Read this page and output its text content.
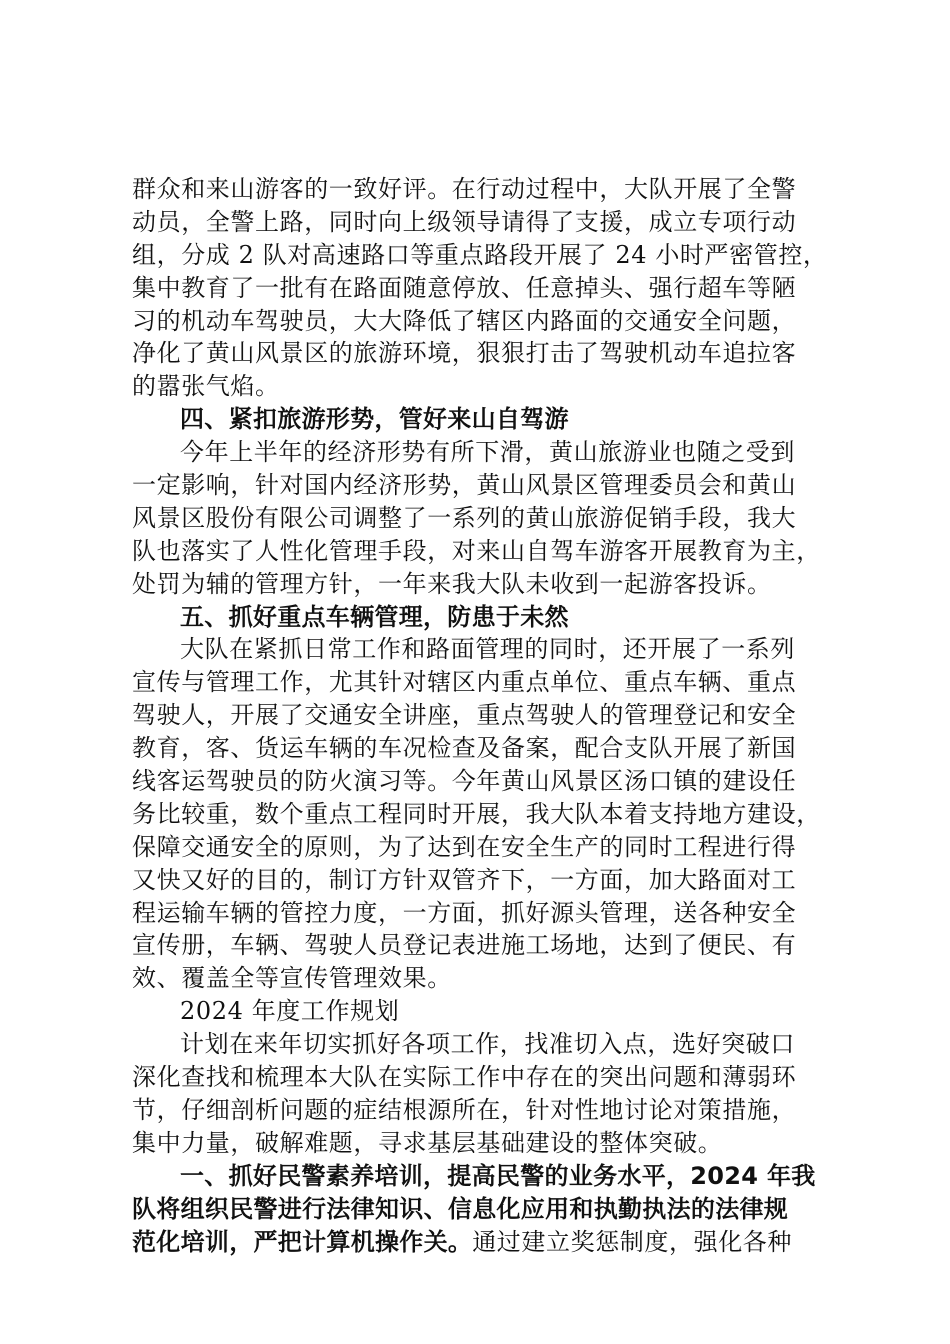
群众和来山游客的一致好评。在行动过程中，大队开展了全警
动员，全警上路，同时向上级领导请得了支援，成立专项行动
组，分成 2 队对高速路口等重点路段开展了 24 小时严密管控，
集中教育了一批有在路面随意停放、任意掉头、强行超车等陋
习的机动车驾驶员，大大降低了辖区内路面的交通安全问题，
净化了黄山风景区的旅游环境，狠狠打击了驾驶机动车追拉客
的嚣张气焰。
四、紧扣旅游形势，管好来山自驾游
今年上半年的经济形势有所下滑，黄山旅游业也随之受到
一定影响，针对国内经济形势，黄山风景区管理委员会和黄山
风景区股份有限公司调整了一系列的黄山旅游促销手段，我大
队也落实了人性化管理手段，对来山自驾车游客开展教育为主，
处罚为辅的管理方针，一年来我大队未收到一起游客投诉。
五、抓好重点车辆管理，防患于未然
大队在紧抓日常工作和路面管理的同时，还开展了一系列
宣传与管理工作，尤其针对辖区内重点单位、重点车辆、重点
驾驶人，开展了交通安全讲座，重点驾驶人的管理登记和安全
教育，客、货运车辆的车况检查及备案，配合支队开展了新国
线客运驾驶员的防火演习等。今年黄山风景区汤口镇的建设任
务比较重，数个重点工程同时开展，我大队本着支持地方建设，
保障交通安全的原则，为了达到在安全生产的同时工程进行得
又快又好的目的，制订方针双管齐下，一方面，加大路面对工
程运输车辆的管控力度，一方面，抓好源头管理，送各种安全
宣传册，车辆、驾驶人员登记表进施工场地，达到了便民、有
效、覆盖全等宣传管理效果。
2024 年度工作规划
计划在来年切实抓好各项工作，找准切入点，选好突破口
深化查找和梳理本大队在实际工作中存在的突出问题和薄弱环
节，仔细剖析问题的症结根源所在，针对性地讨论对策措施，
集中力量，破解难题，寻求基层基础建设的整体突破。
一、抓好民警素养培训，提高民警的业务水平，2024 年我
队将组织民警进行法律知识、信息化应用和执勤执法的法律规
范化培训，严把计算机操作关。通过建立奖惩制度，强化各种
